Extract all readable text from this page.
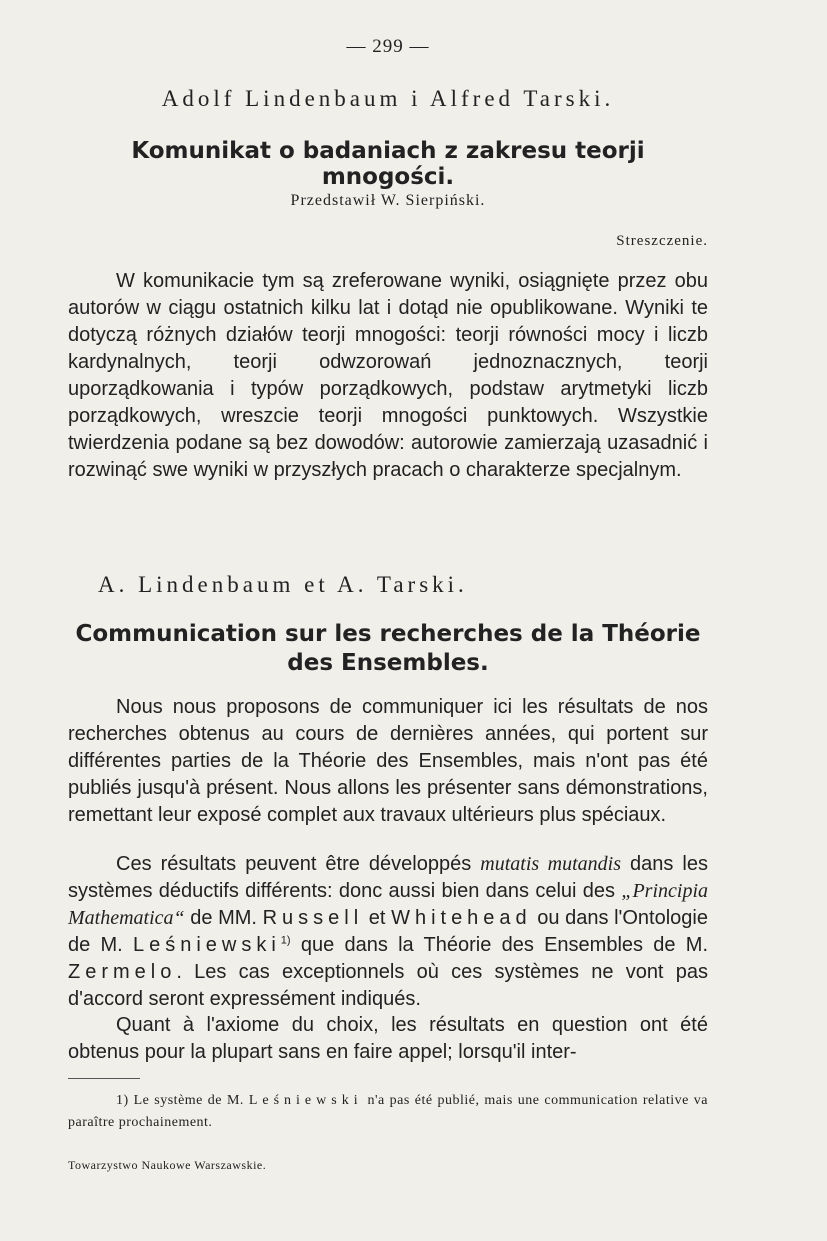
— 299 —
Adolf Lindenbaum i Alfred Tarski.
Komunikat o badaniach z zakresu teorji mnogości.
Przedstawił W. Sierpiński.
Streszczenie.
W komunikacie tym są zreferowane wyniki, osiągnięte przez obu autorów w ciągu ostatnich kilku lat i dotąd nie opublikowane. Wyniki te dotyczą różnych działów teorji mnogości: teorji równości mocy i liczb kardynalnych, teorji odwzorowań jednoznacznych, teorji uporządkowania i typów porządkowych, podstaw arytmetyki liczb porządkowych, wreszcie teorji mnogości punktowych. Wszystkie twierdzenia podane są bez dowodów: autorowie zamierzają uzasadnić i rozwinąć swe wyniki w przyszłych pracach o charakterze specjalnym.
A. Lindenbaum et A. Tarski.
Communication sur les recherches de la Théorie des Ensembles.
Nous nous proposons de communiquer ici les résultats de nos recherches obtenus au cours de dernières années, qui portent sur différentes parties de la Théorie des Ensembles, mais n'ont pas été publiés jusqu'à présent. Nous allons les présenter sans démonstrations, remettant leur exposé complet aux travaux ultérieurs plus spéciaux.
Ces résultats peuvent être développés mutatis mutandis dans les systèmes déductifs différents: donc aussi bien dans celui des „Principia Mathematica“ de MM. Russell et Whitehead ou dans l'Ontologie de M. Leśniewski$^{1)}$ que dans la Théorie des Ensembles de M. Zermelo. Les cas exceptionnels où ces systèmes ne vont pas d'accord seront expressément indiqués.
Quant à l'axiome du choix, les résultats en question ont été obtenus pour la plupart sans en faire appel; lorsqu'il inter-
1) Le système de M. Leśniewski n'a pas été publié, mais une communication relative va paraître prochainement.
Towarzystwo Naukowe Warszawskie.
